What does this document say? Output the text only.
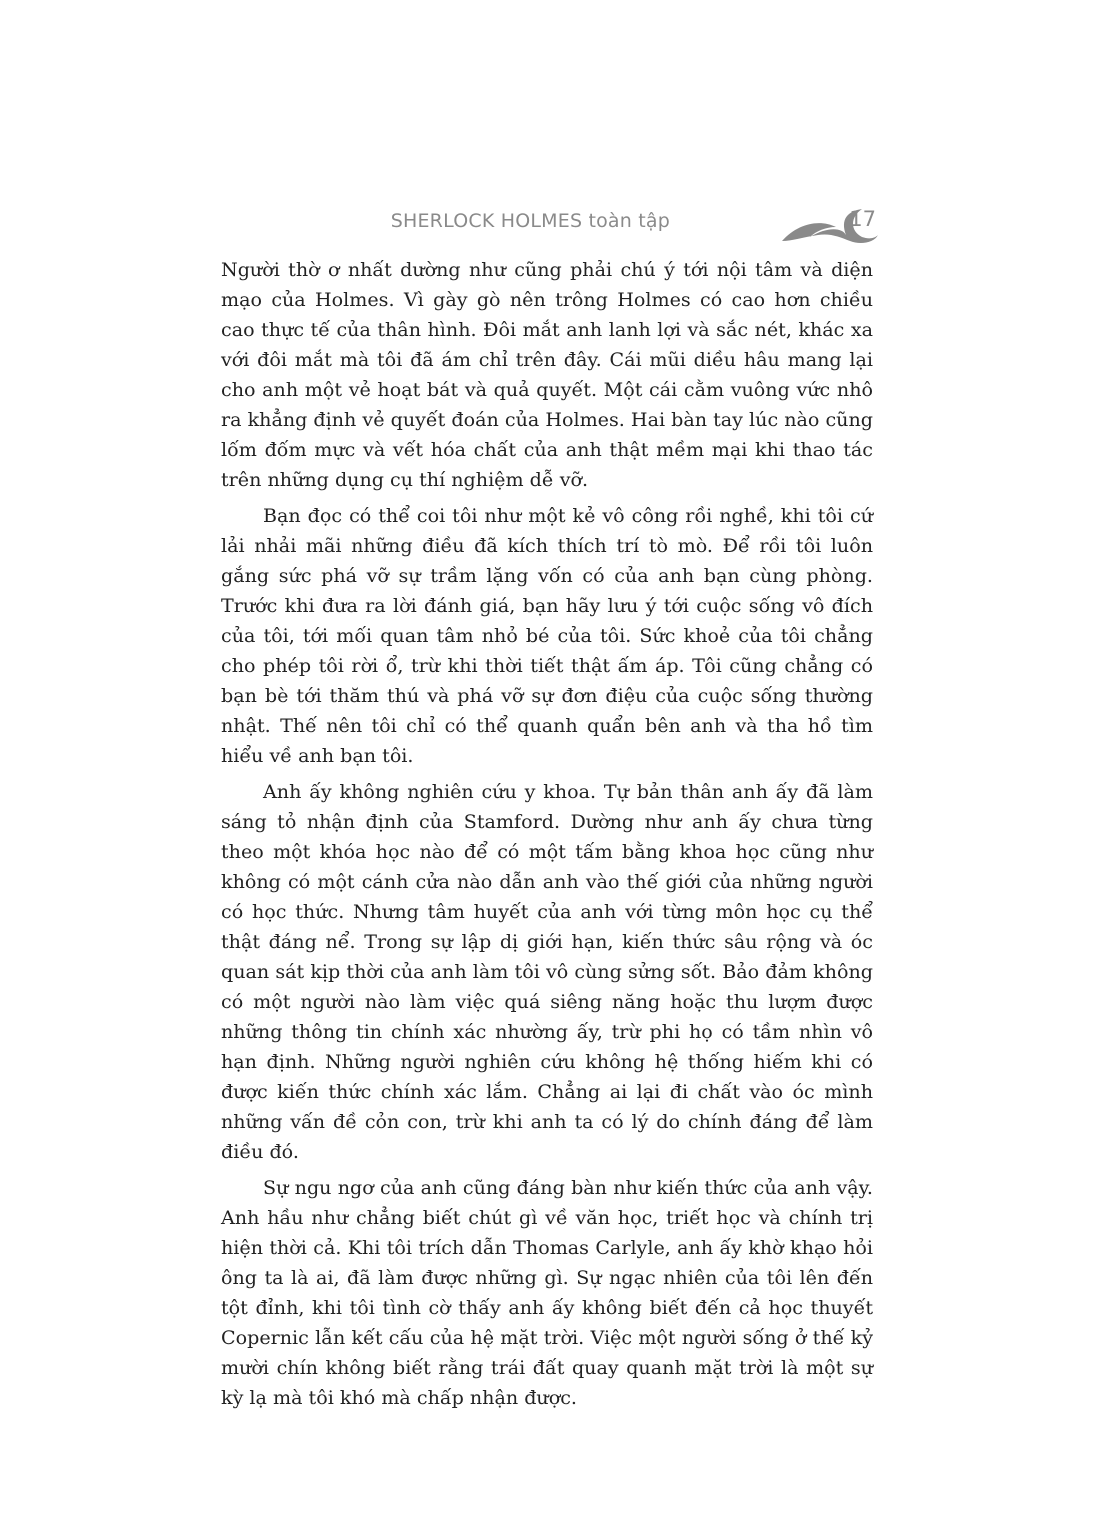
SHERLOCK HOLMES toàn tập	17

Người thờ ơ nhất dường như cũng phải chú ý tới nội tâm và diện mạo của Holmes. Vì gày gò nên trông Holmes có cao hơn chiều cao thực tế của thân hình. Đôi mắt anh lanh lợi và sắc nét, khác xa với đôi mắt mà tôi đã ám chỉ trên đây. Cái mũi diều hâu mang lại cho anh một vẻ hoạt bát và quả quyết. Một cái cằm vuông vức nhô ra khẳng định vẻ quyết đoán của Holmes. Hai bàn tay lúc nào cũng lốm đốm mực và vết hóa chất của anh thật mềm mại khi thao tác trên những dụng cụ thí nghiệm dễ vỡ.

Bạn đọc có thể coi tôi như một kẻ vô công rồi nghề, khi tôi cứ lải nhải mãi những điều đã kích thích trí tò mò. Để rồi tôi luôn gắng sức phá vỡ sự trầm lặng vốn có của anh bạn cùng phòng. Trước khi đưa ra lời đánh giá, bạn hãy lưu ý tới cuộc sống vô đích của tôi, tới mối quan tâm nhỏ bé của tôi. Sức khoẻ của tôi chẳng cho phép tôi rời ổ, trừ khi thời tiết thật ấm áp. Tôi cũng chẳng có bạn bè tới thăm thú và phá vỡ sự đơn điệu của cuộc sống thường nhật. Thế nên tôi chỉ có thể quanh quẩn bên anh và tha hồ tìm hiểu về anh bạn tôi.

Anh ấy không nghiên cứu y khoa. Tự bản thân anh ấy đã làm sáng tỏ nhận định của Stamford. Dường như anh ấy chưa từng theo một khóa học nào để có một tấm bằng khoa học cũng như không có một cánh cửa nào dẫn anh vào thế giới của những người có học thức. Nhưng tâm huyết của anh với từng môn học cụ thể thật đáng nể. Trong sự lập dị giới hạn, kiến thức sâu rộng và óc quan sát kịp thời của anh làm tôi vô cùng sửng sốt. Bảo đảm không có một người nào làm việc quá siêng năng hoặc thu lượm được những thông tin chính xác nhường ấy, trừ phi họ có tầm nhìn vô hạn định. Những người nghiên cứu không hệ thống hiếm khi có được kiến thức chính xác lắm. Chẳng ai lại đi chất vào óc mình những vấn đề cỏn con, trừ khi anh ta có lý do chính đáng để làm điều đó.

Sự ngu ngơ của anh cũng đáng bàn như kiến thức của anh vậy. Anh hầu như chẳng biết chút gì về văn học, triết học và chính trị hiện thời cả. Khi tôi trích dẫn Thomas Carlyle, anh ấy khờ khạo hỏi ông ta là ai, đã làm được những gì. Sự ngạc nhiên của tôi lên đến tột đỉnh, khi tôi tình cờ thấy anh ấy không biết đến cả học thuyết Copernic lẫn kết cấu của hệ mặt trời. Việc một người sống ở thế kỷ mười chín không biết rằng trái đất quay quanh mặt trời là một sự kỳ lạ mà tôi khó mà chấp nhận được.
